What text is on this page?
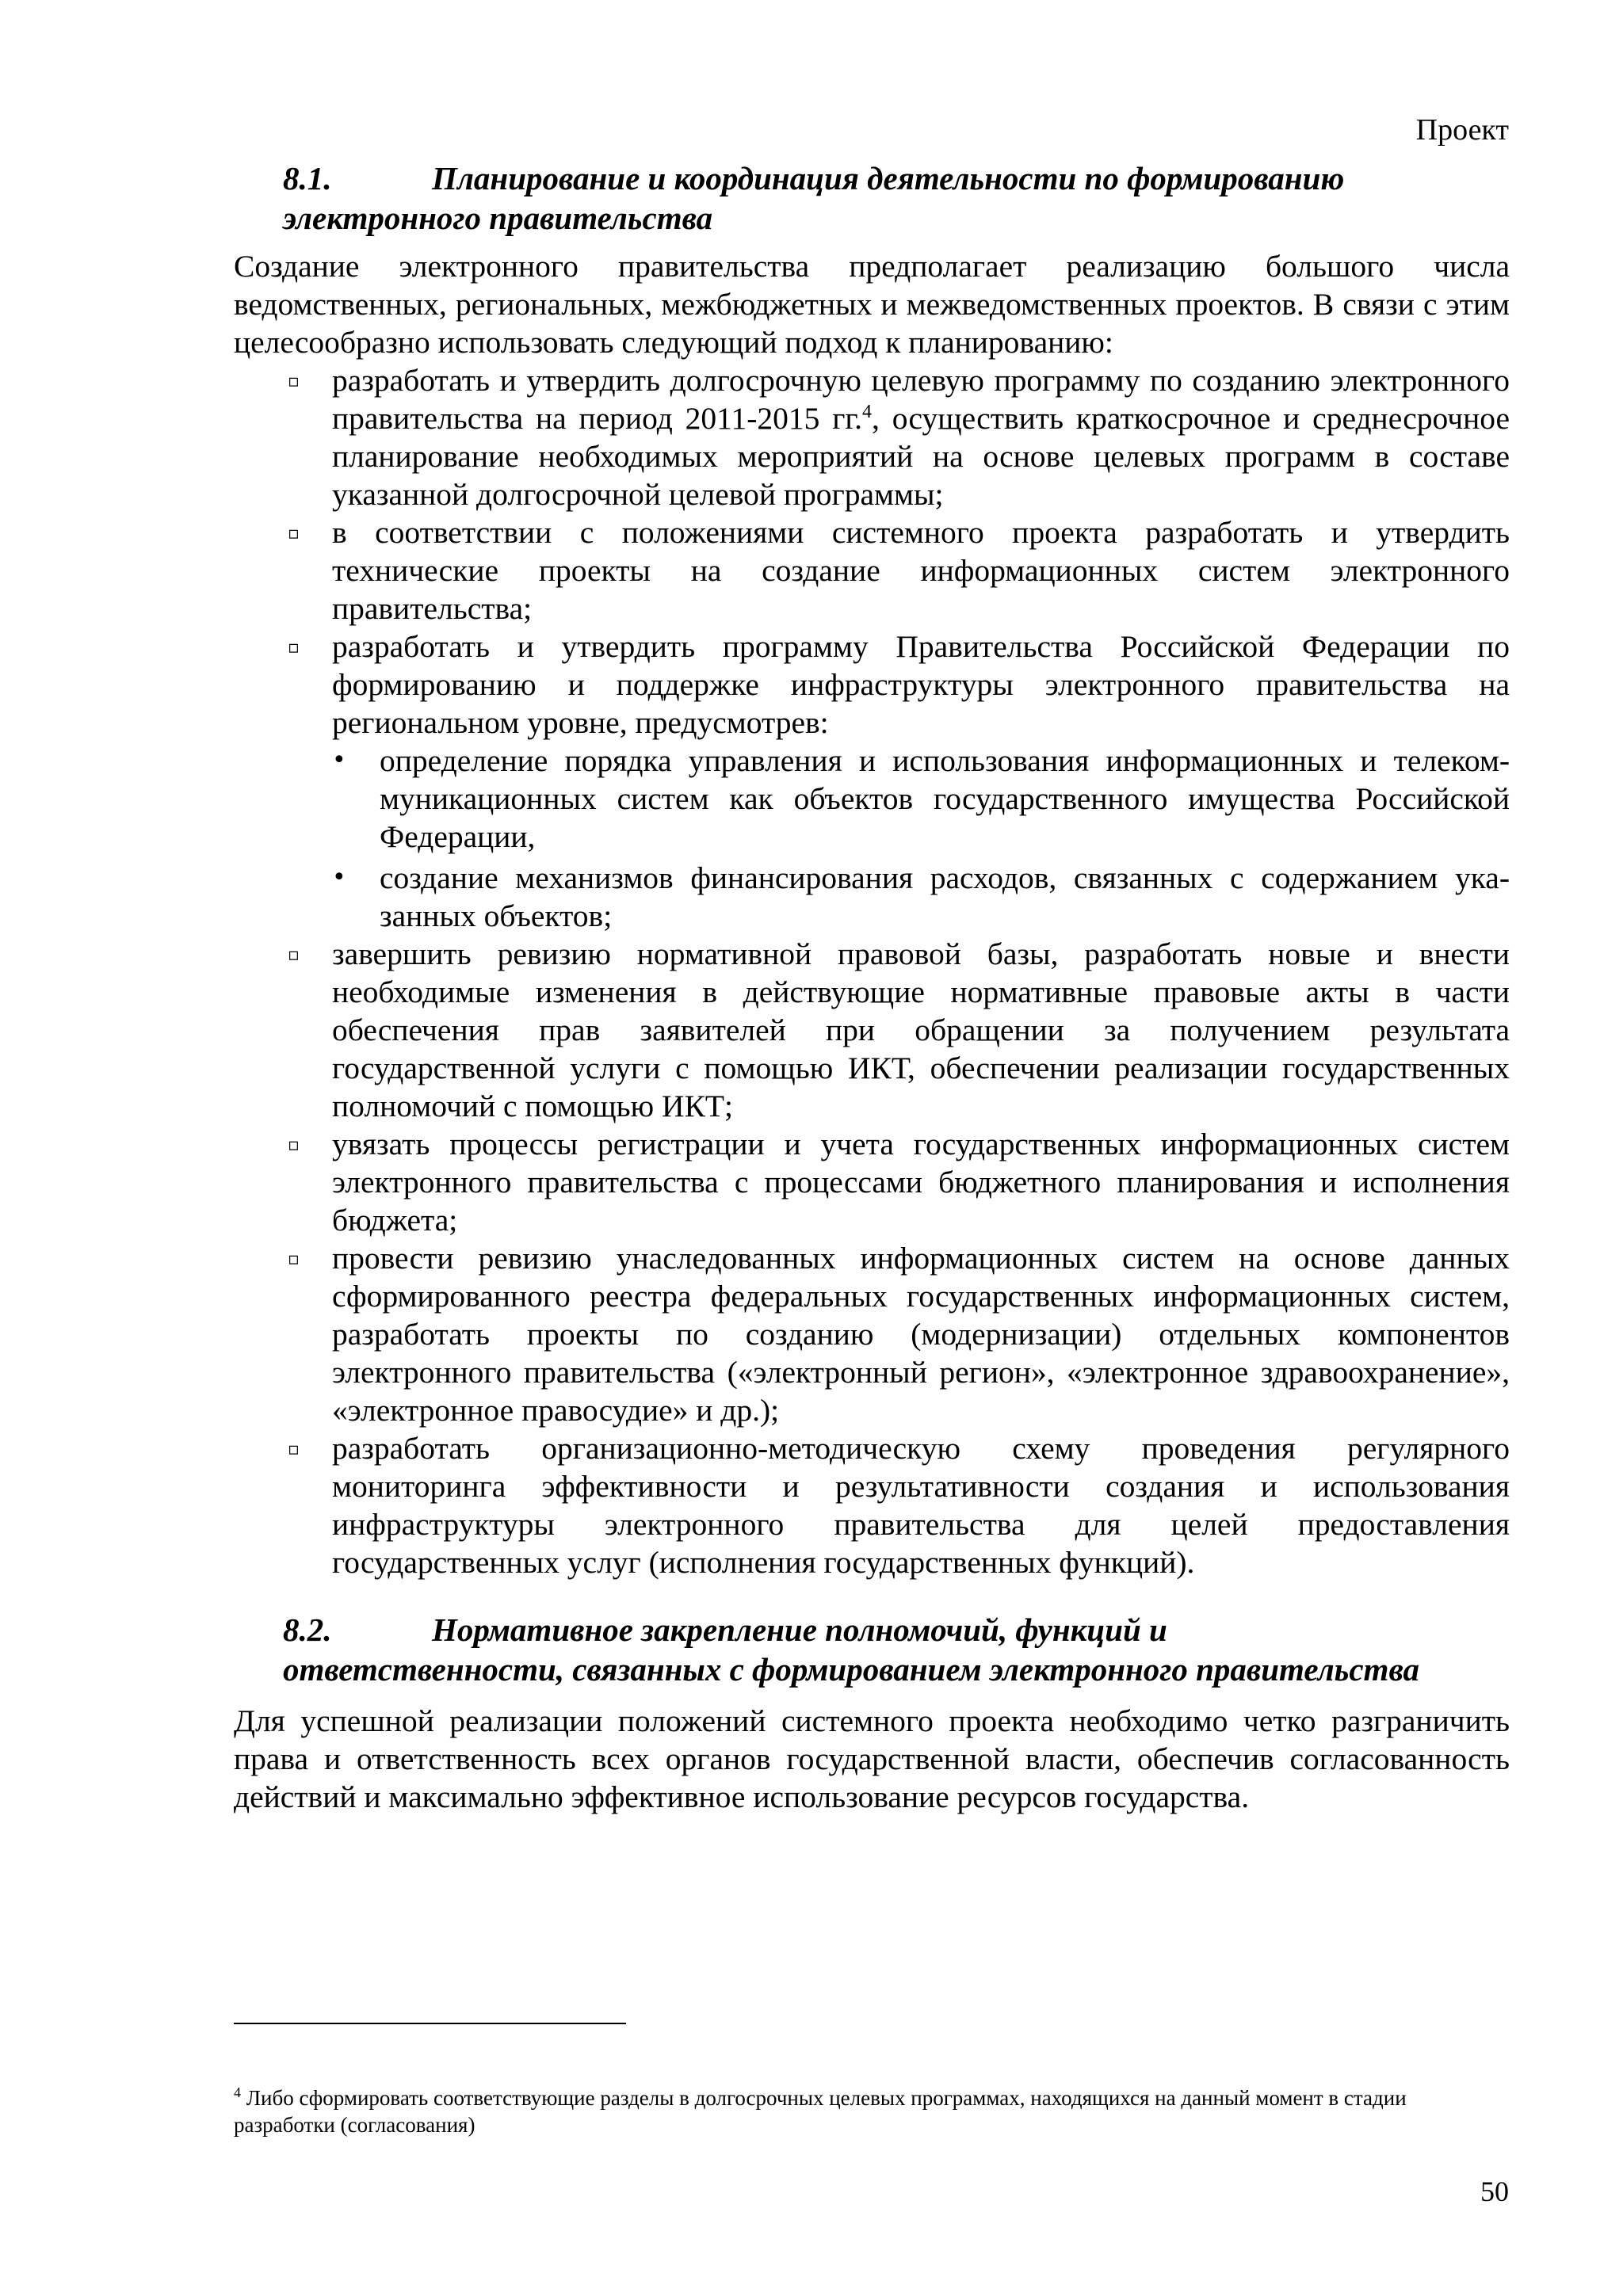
Проект
8.1.	Планирование и координация деятельности по формированию
электронного правительства

Создание электронного правительства предполагает реализацию большого числа ведомственных, региональных, межбюджетных и межведомственных проектов. В связи с этим целесообразно использовать следующий подход к планированию:

▫ разработать и утвердить долгосрочную целевую программу по созданию электронного правительства на период 2011-2015 гг.$^4$, осуществить краткосрочное и среднесрочное планирование необходимых мероприятий на основе целевых программ в составе указанной долгосрочной целевой программы;
▫ в соответствии с положениями системного проекта разработать и утвердить технические проекты на создание информационных систем электронного правительства;
▫ разработать и утвердить программу Правительства Российской Федерации по формированию и поддержке инфраструктуры электронного правительства на региональном уровне, предусмотрев:
• определение порядка управления и использования информационных и телекоммуникационных систем как объектов государственного имущества Российской Федерации,
• создание механизмов финансирования расходов, связанных с содержанием указанных объектов;
▫ завершить ревизию нормативной правовой базы, разработать новые и внести необходимые изменения в действующие нормативные правовые акты в части обеспечения прав заявителей при обращении за получением результата государственной услуги с помощью ИКТ, обеспечении реализации государственных полномочий с помощью ИКТ;
▫ увязать процессы регистрации и учета государственных информационных систем электронного правительства с процессами бюджетного планирования и исполнения бюджета;
▫ провести ревизию унаследованных информационных систем на основе данных сформированного реестра федеральных государственных информационных систем, разработать проекты по созданию (модернизации) отдельных компонентов электронного правительства («электронный регион», «электронное здравоохранение», «электронное правосудие» и др.);
▫ разработать организационно-методическую схему проведения регулярного мониторинга эффективности и результативности создания и использования инфраструктуры электронного правительства для целей предоставления государственных услуг (исполнения государственных функций).
8.2.	Нормативное закрепление полномочий, функций и
ответственности, связанных с формированием электронного правительства

Для успешной реализации положений системного проекта необходимо четко разграничить права и ответственность всех органов государственной власти, обеспечив согласованность действий и максимально эффективное использование ресурсов государства.

$^4$ Либо сформировать соответствующие разделы в долгосрочных целевых программах, находящихся на данный момент в стадии разработки (согласования)
50
